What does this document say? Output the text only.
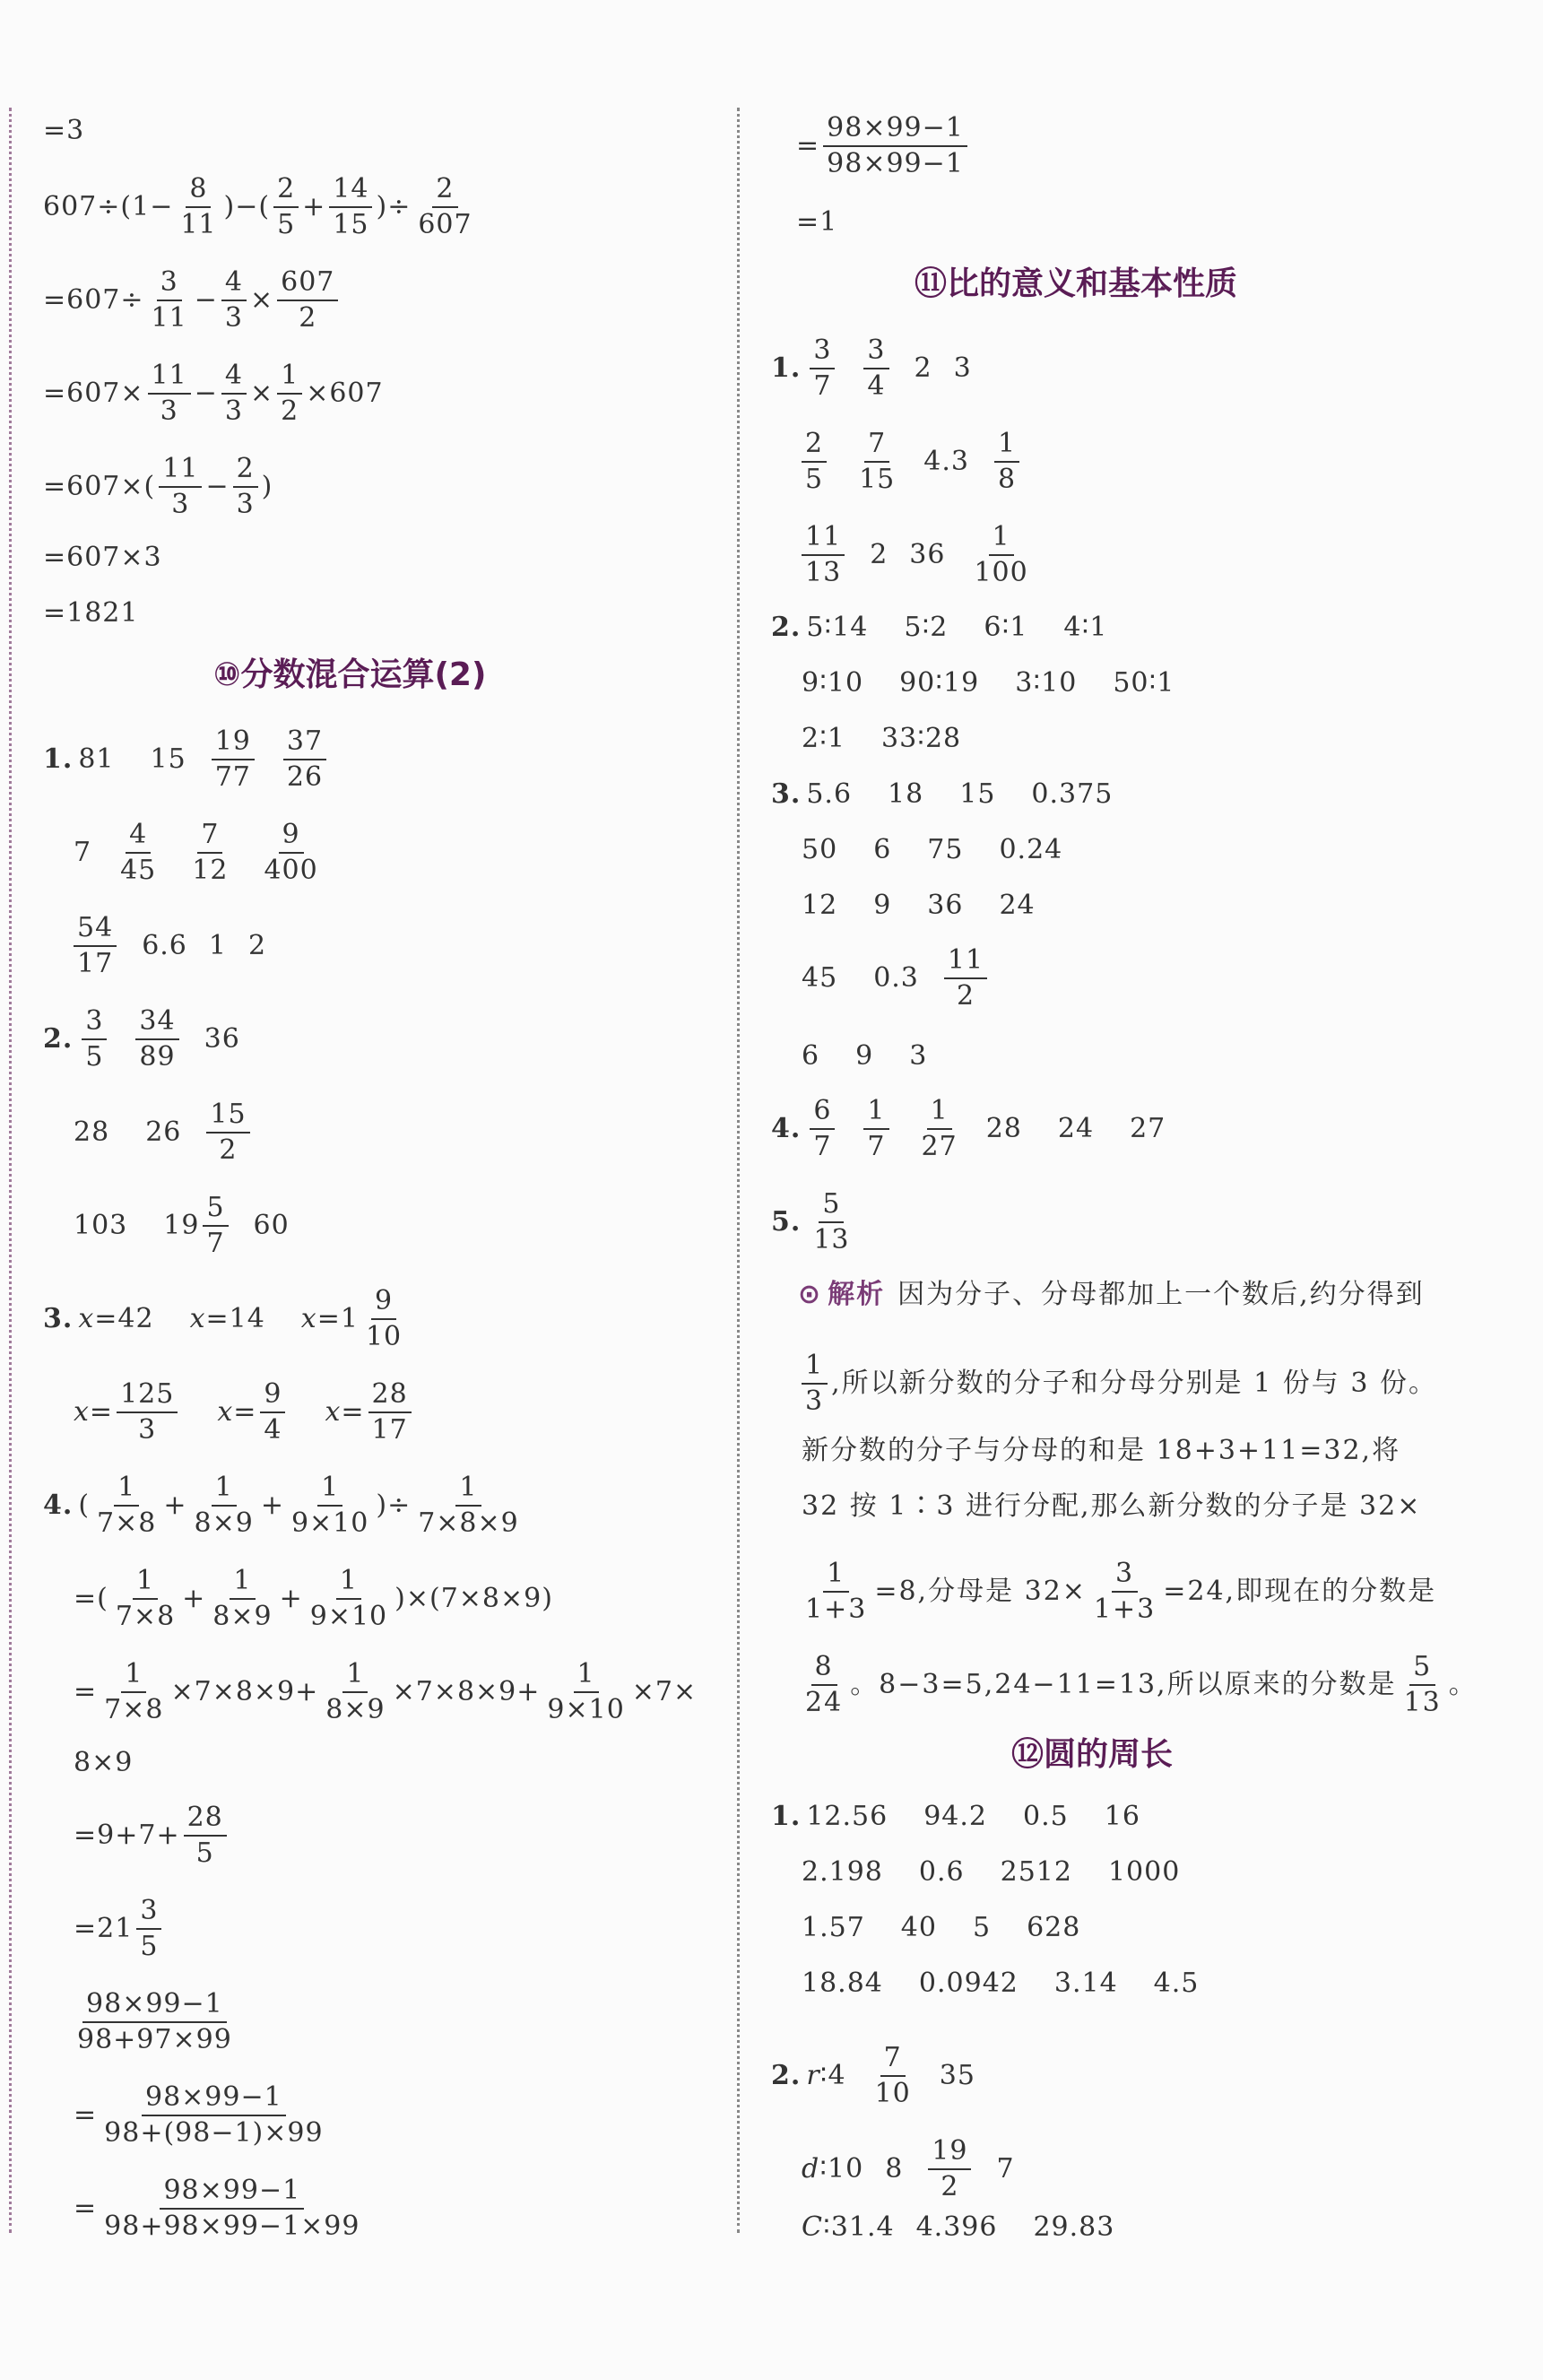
=3
$607\div(1- \frac{8}{11}$ )−( $\frac{2}{5} + \frac{14}{15}$ )÷ $\frac{2}{607}$
$=607\div \frac{3}{11} - \frac{4}{3} \times \frac{607}{2}$
$=607\times \frac{11}{3} - \frac{4}{3} \times \frac{1}{2} \times 607$
$=607\times( \frac{11}{3} - \frac{2}{3}$ )
=607×3
=1821
⑩分数混合运算(2)
1. 81 $15 \frac{19}{77} \frac{37}{26}$
$7 \frac{4}{45} \frac{7}{12} \frac{9}{400}$
$\frac{54}{17} 6.6$ 1 2
2. $\frac{3}{5} \frac{34}{89} 36$
28 $26 \frac{15}{2}$
103 $19 \frac{5}{7} 60$
3. x =42 x =14 $x =1 \frac{9}{10}$
$x = \frac{125}{3}$ $x = \frac{9}{4}$ $x = \frac{28}{17}$
4. ( $\frac{1}{7\times 8} + \frac{1}{8\times 9} + \frac{1}{9\times 10}$ )÷ $\frac{1}{7\times 8\times 9}$
=( $\frac{1}{7\times 8} + \frac{1}{8\times 9} + \frac{1}{9\times 10} )\times(7\times 8\times 9)$
= $\frac{1}{7\times 8} \times 7\times 8\times 9+ \frac{1}{8\times 9} \times 7\times 8\times 9+ \frac{1}{9\times 10} \times 7\times$
8×9
$=9+7+ \frac{28}{5}$
$=21 \frac{3}{5}$
$\frac{98\times 99-1}{98+97\times 99}$
= $\frac{98\times 99-1}{98+(98-1)\times 99}$
= $\frac{98\times 99-1}{98+98\times 99-1\times 99}$
= $\frac{98\times 99-1}{98\times 99-1}$
=1
⑪比的意义和基本性质
1. $\frac{3}{7} \frac{3}{4} 2$ 3
$\frac{2}{5} \frac{7}{15} 4.3 \frac{1}{8}$
$\frac{11}{13} 2$ $36 \frac{1}{100}$
2. 5∶14 5∶2 6∶1 4∶1
9∶10 90∶19 3∶10 50∶1
2∶1 33∶28
3. 5.6 18 15 0.375
50 6 75 0.24
12 9 36 24
45 $0.3 \frac{11}{2}$
6 9 3
4. $\frac{6}{7} \frac{1}{7} \frac{1}{27} 28$ 24 27
5. $\frac{5}{13}$
⊙ 解析 因为分子、分母都加上一个数后,约分得到
$\frac{1}{3}$ ,所以新分数的分子和分母分别是 1 份与 3 份。
新分数的分子与分母的和是 18+3+11=32,将
32 按 1∶3 进行分配,那么新分数的分子是 32×
$\frac{1}{1+3} =8$,分母是 $32\times \frac{3}{1+3} =24$,即现在的分数是
$\frac{8}{24}$ 。8−3=5,24−11=13,所以原来的分数是 $\frac{5}{13}$ 。
⑫圆的周长
1. 12.56 94.2 0.5 16
2.198 0.6 2512 1000
1.57 40 5 628
18.84 0.0942 3.14 4.5
2. r ∶4 $\frac{7}{10} 35$
d ∶10 $8 \frac{19}{2} 7$
C ∶31.4 4.396 29.83
